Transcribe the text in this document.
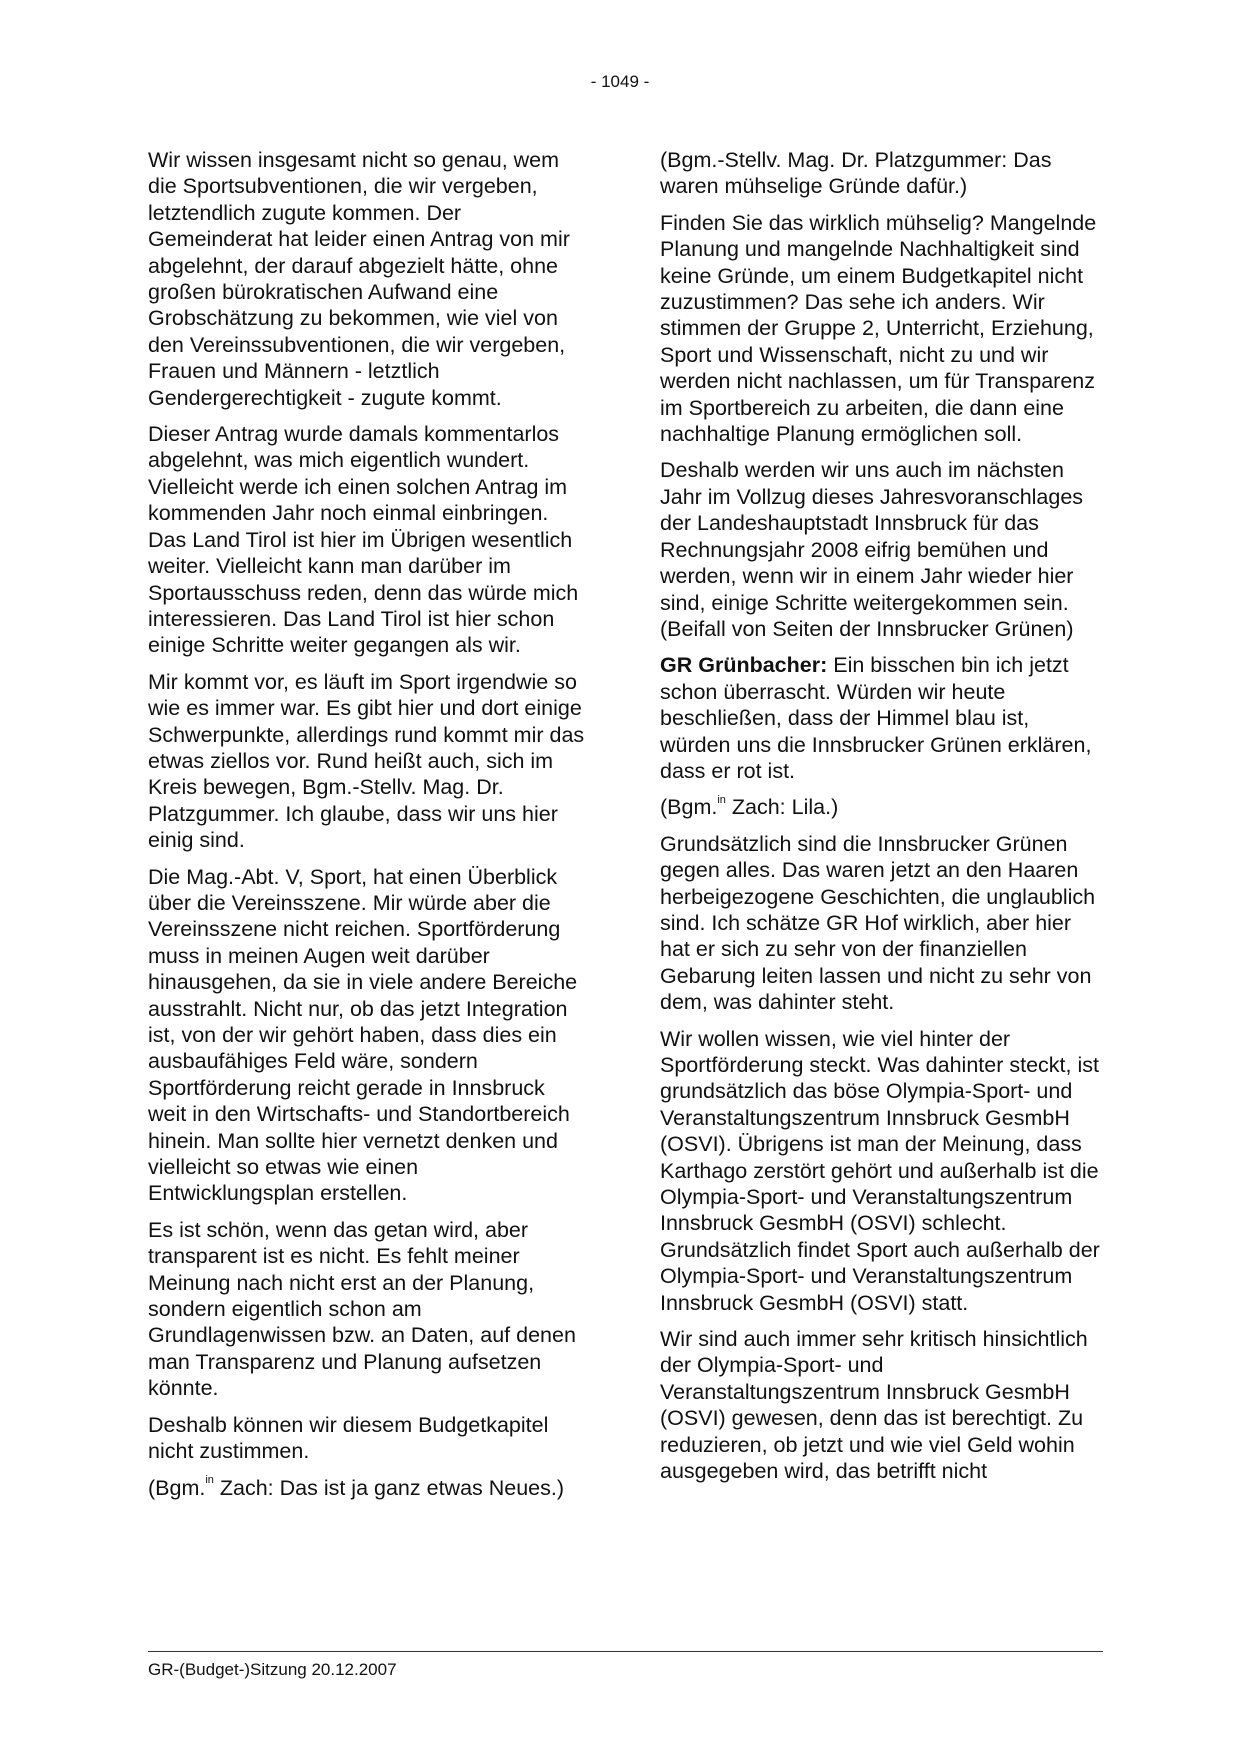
- 1049 -

Wir wissen insgesamt nicht so genau, wem die Sportsubventionen, die wir vergeben, letztendlich zugute kommen. Der Gemeinderat hat leider einen Antrag von mir abgelehnt, der darauf abgezielt hätte, ohne großen bürokratischen Aufwand eine Grobschätzung zu bekommen, wie viel von den Vereinssubventionen, die wir vergeben, Frauen und Männern - letztlich Gendergerechtigkeit - zugute kommt.

Dieser Antrag wurde damals kommentarlos abgelehnt, was mich eigentlich wundert. Vielleicht werde ich einen solchen Antrag im kommenden Jahr noch einmal einbringen. Das Land Tirol ist hier im Übrigen wesentlich weiter. Vielleicht kann man darüber im Sportausschuss reden, denn das würde mich interessieren. Das Land Tirol ist hier schon einige Schritte weiter gegangen als wir.

Mir kommt vor, es läuft im Sport irgendwie so wie es immer war. Es gibt hier und dort einige Schwerpunkte, allerdings rund kommt mir das etwas ziellos vor. Rund heißt auch, sich im Kreis bewegen, Bgm.-Stellv. Mag. Dr. Platzgummer. Ich glaube, dass wir uns hier einig sind.

Die Mag.-Abt. V, Sport, hat einen Überblick über die Vereinsszene. Mir würde aber die Vereinsszene nicht reichen. Sportförderung muss in meinen Augen weit darüber hinausgehen, da sie in viele andere Bereiche ausstrahlt. Nicht nur, ob das jetzt Integration ist, von der wir gehört haben, dass dies ein ausbaufähiges Feld wäre, sondern Sportförderung reicht gerade in Innsbruck weit in den Wirtschafts- und Standortbereich hinein. Man sollte hier vernetzt denken und vielleicht so etwas wie einen Entwicklungsplan erstellen.

Es ist schön, wenn das getan wird, aber transparent ist es nicht. Es fehlt meiner Meinung nach nicht erst an der Planung, sondern eigentlich schon am Grundlagenwissen bzw. an Daten, auf denen man Transparenz und Planung aufsetzen könnte.

Deshalb können wir diesem Budgetkapitel nicht zustimmen.

(Bgm.$^{in}$ Zach: Das ist ja ganz etwas Neues.)

(Bgm.-Stellv. Mag. Dr. Platzgummer: Das waren mühselige Gründe dafür.)

Finden Sie das wirklich mühselig? Mangelnde Planung und mangelnde Nachhaltigkeit sind keine Gründe, um einem Budgetkapitel nicht zuzustimmen? Das sehe ich anders. Wir stimmen der Gruppe 2, Unterricht, Erziehung, Sport und Wissenschaft, nicht zu und wir werden nicht nachlassen, um für Transparenz im Sportbereich zu arbeiten, die dann eine nachhaltige Planung ermöglichen soll.

Deshalb werden wir uns auch im nächsten Jahr im Vollzug dieses Jahresvoranschlages der Landeshauptstadt Innsbruck für das Rechnungsjahr 2008 eifrig bemühen und werden, wenn wir in einem Jahr wieder hier sind, einige Schritte weitergekommen sein. (Beifall von Seiten der Innsbrucker Grünen)

GR Grünbacher: Ein bisschen bin ich jetzt schon überrascht. Würden wir heute beschließen, dass der Himmel blau ist, würden uns die Innsbrucker Grünen erklären, dass er rot ist.

(Bgm.$^{in}$ Zach: Lila.)

Grundsätzlich sind die Innsbrucker Grünen gegen alles. Das waren jetzt an den Haaren herbeigezogene Geschichten, die unglaublich sind. Ich schätze GR Hof wirklich, aber hier hat er sich zu sehr von der finanziellen Gebarung leiten lassen und nicht zu sehr von dem, was dahinter steht.

Wir wollen wissen, wie viel hinter der Sportförderung steckt. Was dahinter steckt, ist grundsätzlich das böse Olympia-Sport- und Veranstaltungszentrum Innsbruck GesmbH (OSVI). Übrigens ist man der Meinung, dass Karthago zerstört gehört und außerhalb ist die Olympia-Sport- und Veranstaltungszentrum Innsbruck GesmbH (OSVI) schlecht. Grundsätzlich findet Sport auch außerhalb der Olympia-Sport- und Veranstaltungszentrum Innsbruck GesmbH (OSVI) statt.

Wir sind auch immer sehr kritisch hinsichtlich der Olympia-Sport- und Veranstaltungszentrum Innsbruck GesmbH (OSVI) gewesen, denn das ist berechtigt. Zu reduzieren, ob jetzt und wie viel Geld wohin ausgegeben wird, das betrifft nicht

GR-(Budget-)Sitzung 20.12.2007
